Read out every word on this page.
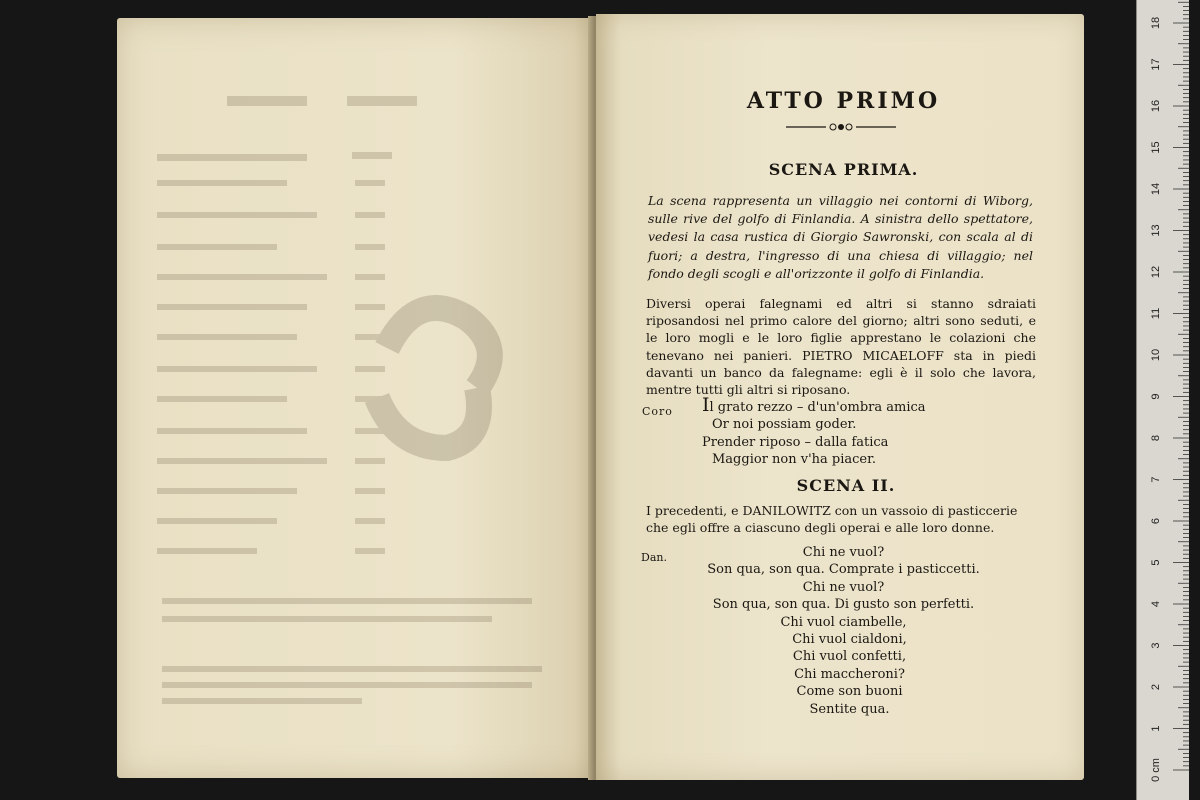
ATTO PRIMO
SCENA PRIMA.
La scena rappresenta un villaggio nei contorni di Wiborg, sulle rive del golfo di Finlandia. A sinistra dello spettatore, vedesi la casa rustica di Giorgio Sawronski, con scala al di fuori; a destra, l'ingresso di una chiesa di villaggio; nel fondo degli scogli e all'orizzonte il golfo di Finlandia.
Diversi operai falegnami ed altri si stanno sdraiati riposandosi nel primo calore del giorno; altri sono seduti, e le loro mogli e le loro figlie apprestano le colazioni che tenevano nei panieri. PIETRO MICAELOFF sta in piedi davanti un banco da falegname: egli è il solo che lavora, mentre tutti gli altri si riposano.
Coro Il grato rezzo – d'un'ombra amica
Or noi possiam goder.
Prender riposo – dalla fatica
Maggior non v'ha piacer.
SCENA II.
I precedenti, e DANILOWITZ con un vassoio di pasticcerie che egli offre a ciascuno degli operai e alle loro donne.
Dan.	Chi ne vuol?
Son qua, son qua. Comprate i pasticcetti.
Chi ne vuol?
Son qua, son qua. Di gusto son perfetti.
Chi vuol ciambelle,
Chi vuol cialdoni,
Chi vuol confetti,
Chi maccheroni?
Come son buoni
Sentite qua.
0 cm
1
2
3
4
5
6
7
8
9
10
11
12
13
14
15
16
17
18
